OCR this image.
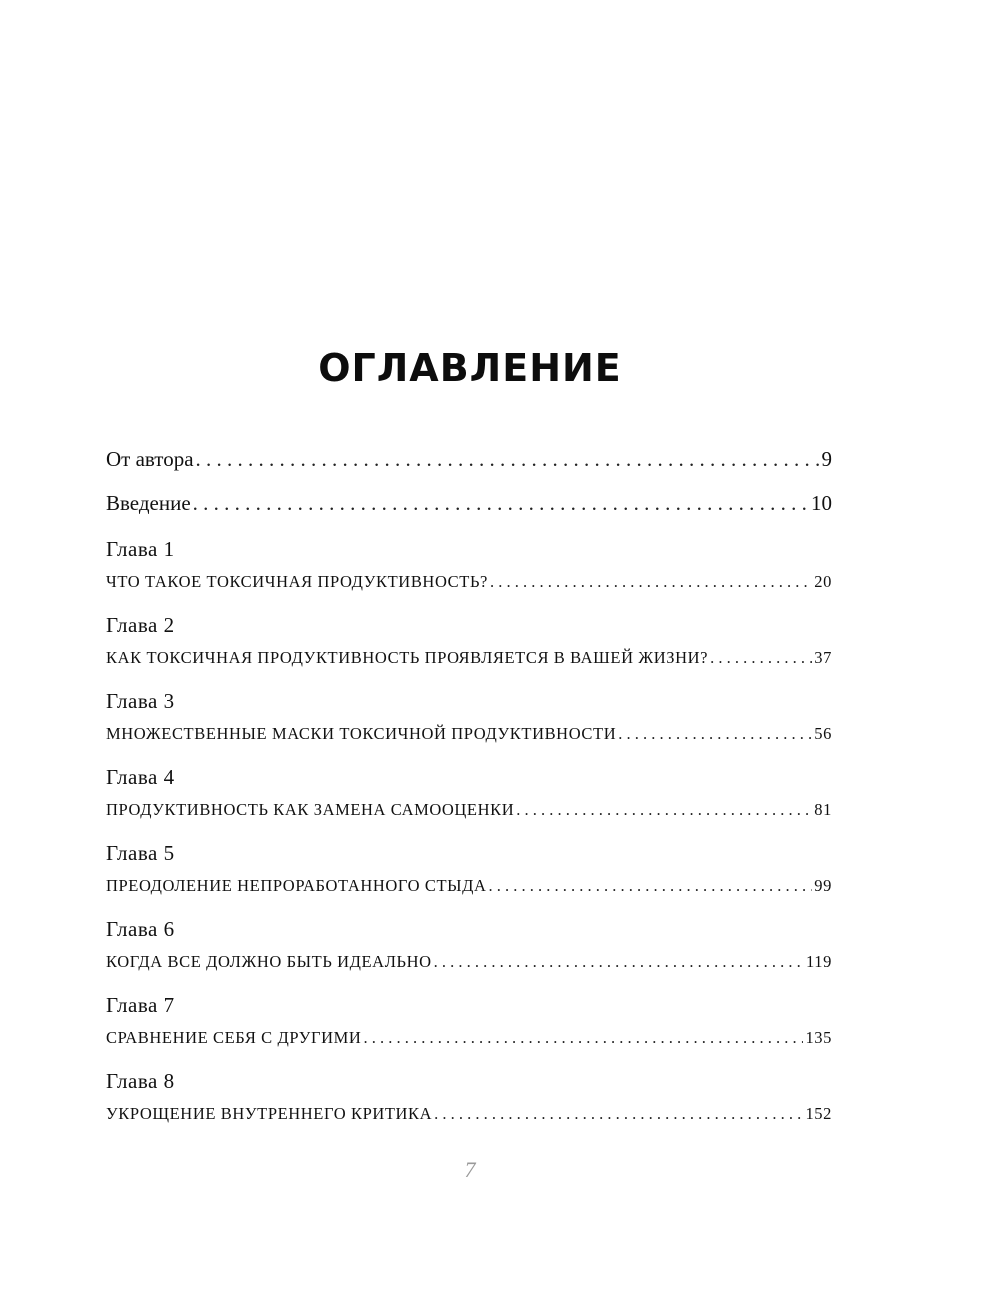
ОГЛАВЛЕНИЕ
От автора . . .	9
Введение . . .	10
Глава 1
ЧТО ТАКОЕ ТОКСИЧНАЯ ПРОДУКТИВНОСТЬ? . . .	20
Глава 2
КАК ТОКСИЧНАЯ ПРОДУКТИВНОСТЬ ПРОЯВЛЯЕТСЯ В ВАШЕЙ ЖИЗНИ? . . .	37
Глава 3
МНОЖЕСТВЕННЫЕ МАСКИ ТОКСИЧНОЙ ПРОДУКТИВНОСТИ . . .	56
Глава 4
ПРОДУКТИВНОСТЬ КАК ЗАМЕНА САМООЦЕНКИ . . .	81
Глава 5
ПРЕОДОЛЕНИЕ НЕПРОРАБОТАННОГО СТЫДА . . .	99
Глава 6
КОГДА ВСЕ ДОЛЖНО БЫТЬ ИДЕАЛЬНО . . .	119
Глава 7
СРАВНЕНИЕ СЕБЯ С ДРУГИМИ . . .	135
Глава 8
УКРОЩЕНИЕ ВНУТРЕННЕГО КРИТИКА . . .	152
7
